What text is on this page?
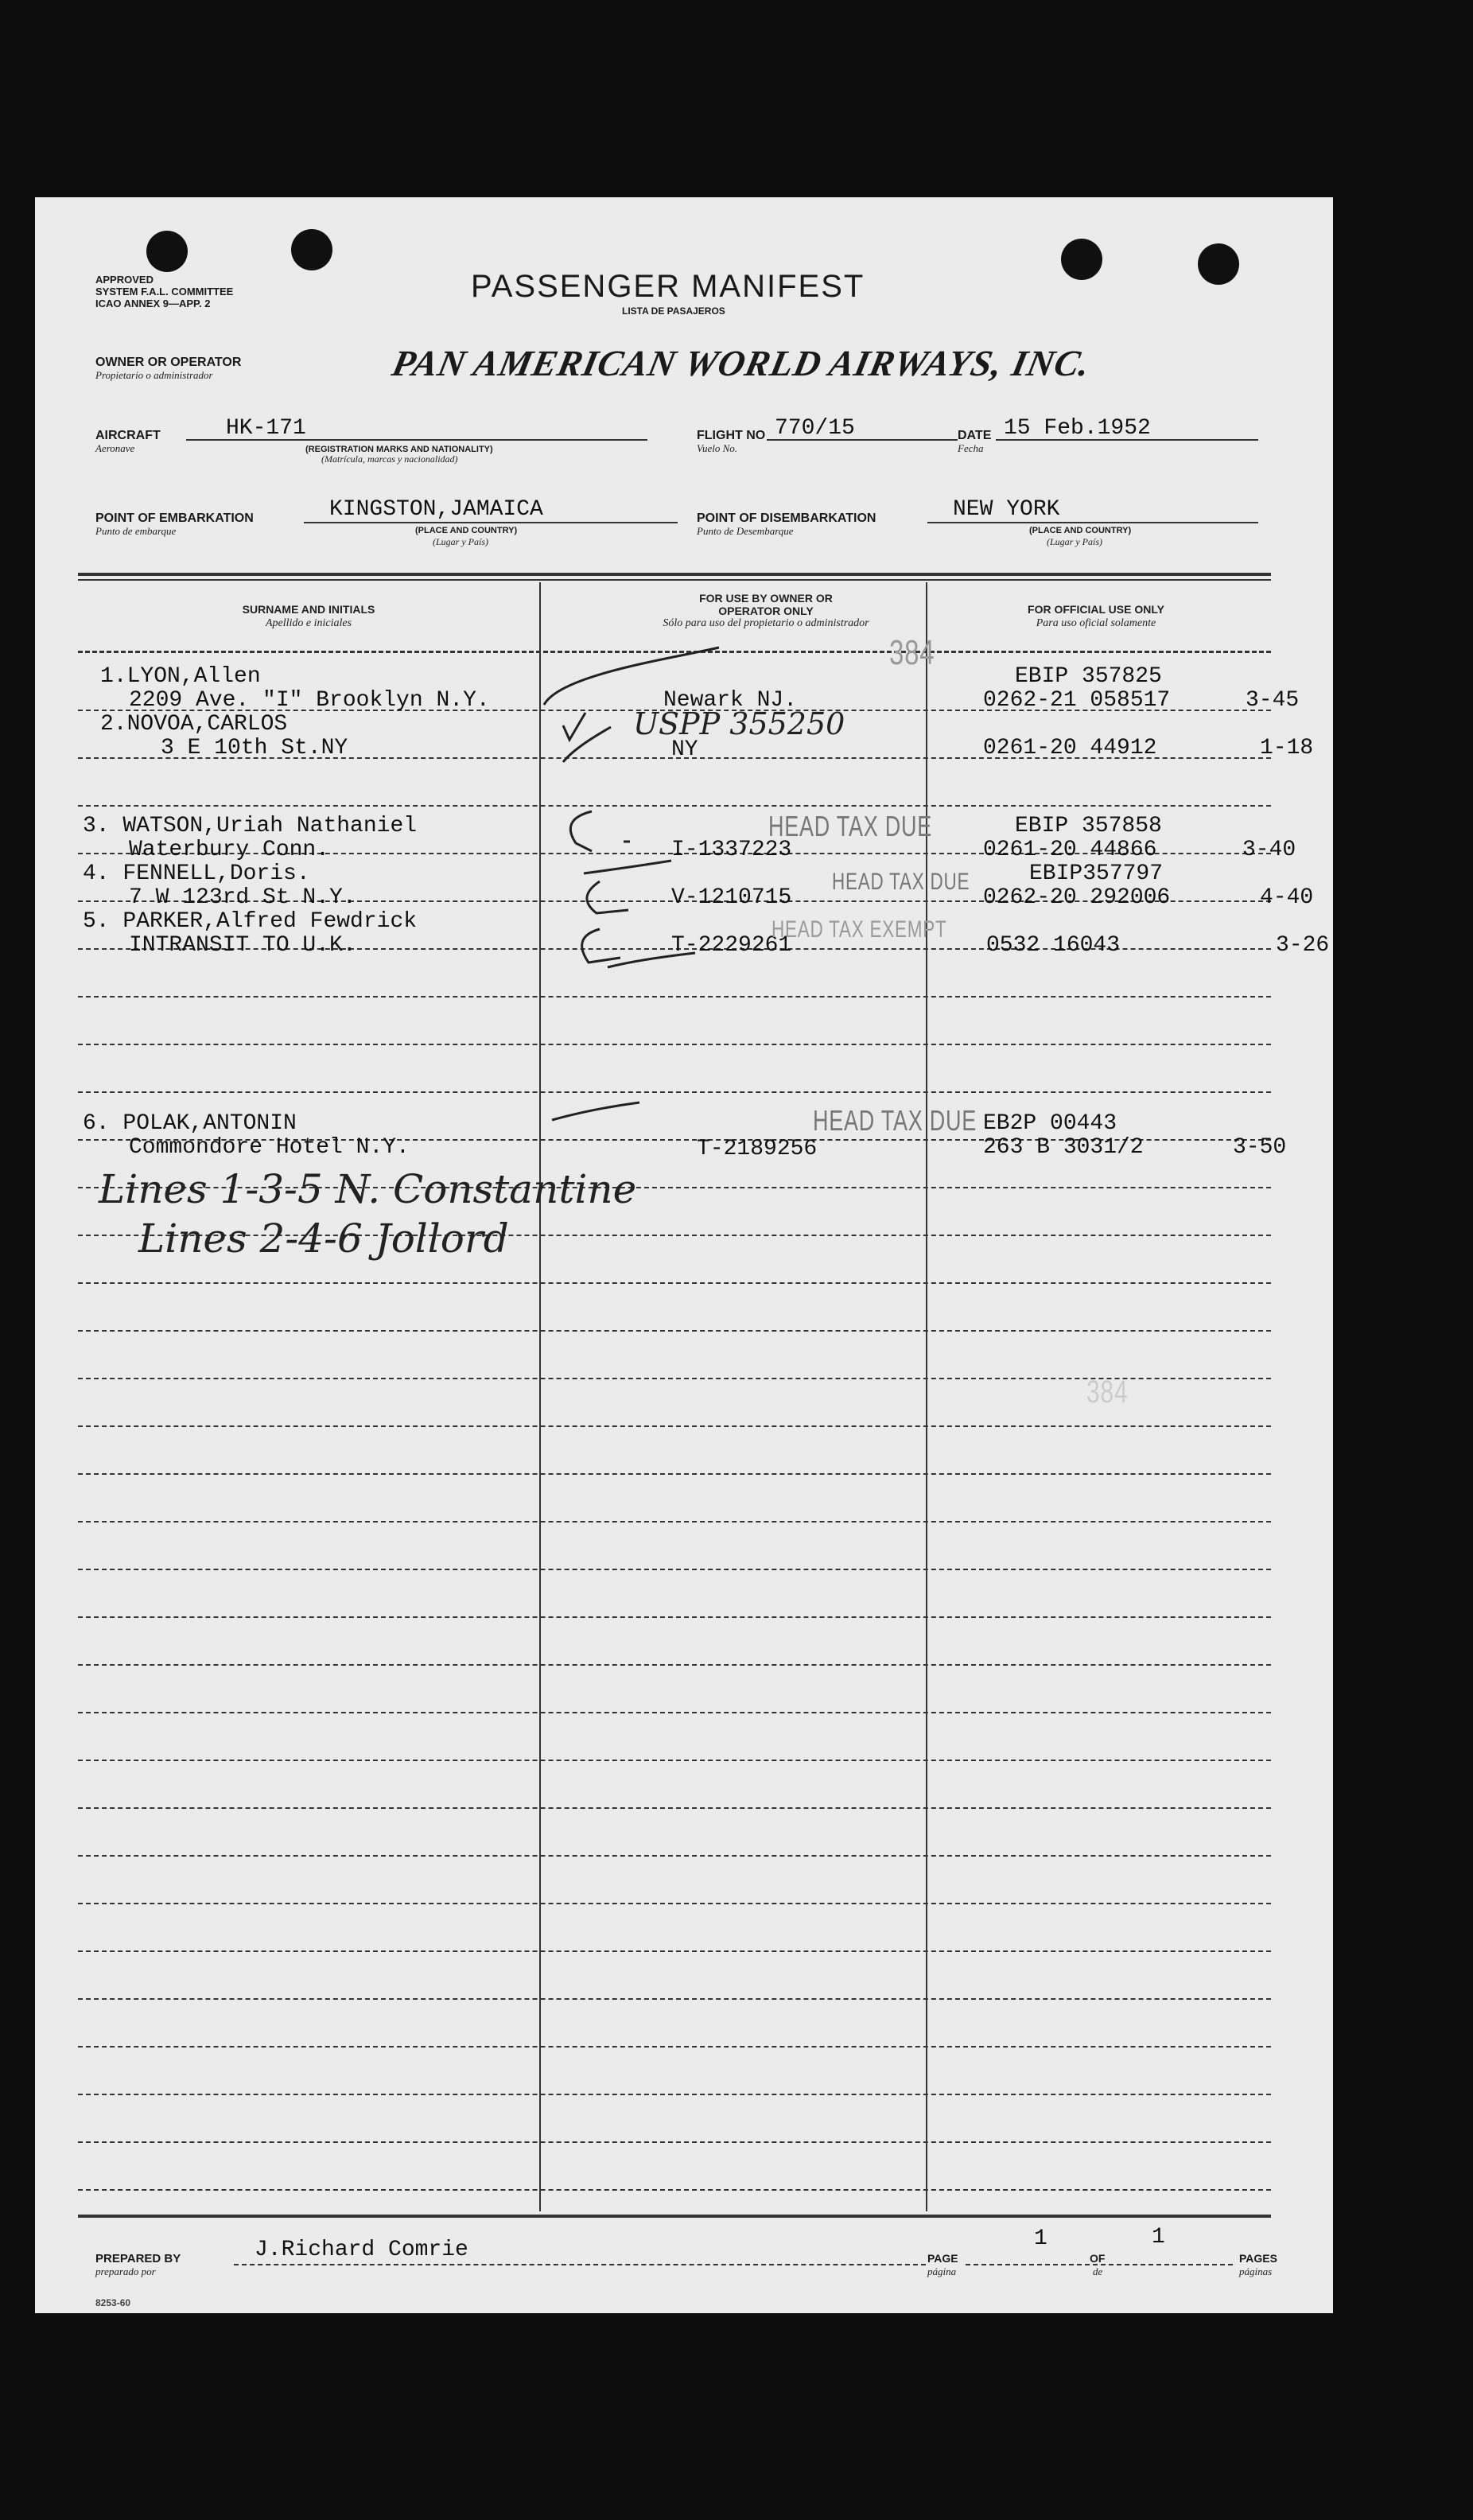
APPROVED
SYSTEM F.A.L. COMMITTEE
ICAO ANNEX 9—APP. 2	PASSENGER MANIFEST
LISTA DE PASAJEROS
OWNER OR OPERATOR
Propietario o administrador	PAN AMERICAN WORLD AIRWAYS, INC.
AIRCRAFT
Aeronave
HK-171
(REGISTRATION MARKS AND NATIONALITY)
(Matrícula, marcas y nacionalidad)
FLIGHT NO
Vuelo No.
770/15	DATE
Fecha
15 Feb.1952
POINT OF EMBARKATION
Punto de embarque
KINGSTON,JAMAICA
(PLACE AND COUNTRY)
(Lugar y País)
POINT OF DISEMBARKATION
Punto de Desembarque
NEW YORK
(PLACE AND COUNTRY)
(Lugar y País)
SURNAME AND INITIALS
Apellido e iniciales
FOR USE BY OWNER OR OPERATOR ONLY
Sólo para uso del propietario o administrador
FOR OFFICIAL USE ONLY
Para uso oficial solamente
1.LYON,Allen
2209 Ave. "I" Brooklyn N.Y.	Newark NJ.
EBIP 357825
0262-21 058517	3-45
2.NOVOA,CARLOS
3 E 10th St.NY
USPP 355250
NY	0261-20 44912	1-18
3. WATSON,Uriah Nathaniel
Waterbury Conn.	I-1337223
EBIP 357858
0261-20 44866	3-40
4. FENNELL,Doris.
7 W 123rd St N.Y.	V-1210715
EBIP357797
0262-20 292006	4-40
5. PARKER,Alfred Fewdrick
INTRANSIT TO U.K.	T-2229261	0532 16043	3-26
6. POLAK,ANTONIN
Commondore Hotel N.Y.	T-2189256
EB2P 00443
263 B 3031/2	3-50
HEAD TAX DUE
HEAD TAX DUE
HEAD TAX EXEMPT
HEAD TAX DUE
384
384
Lines 1-3-5 N. Constantine
Lines 2-4-6 Jollord
PREPARED BY
preparado por
J.Richard Comrie	PAGE
página
1
OF
de
1
PAGES
páginas
8253-60
